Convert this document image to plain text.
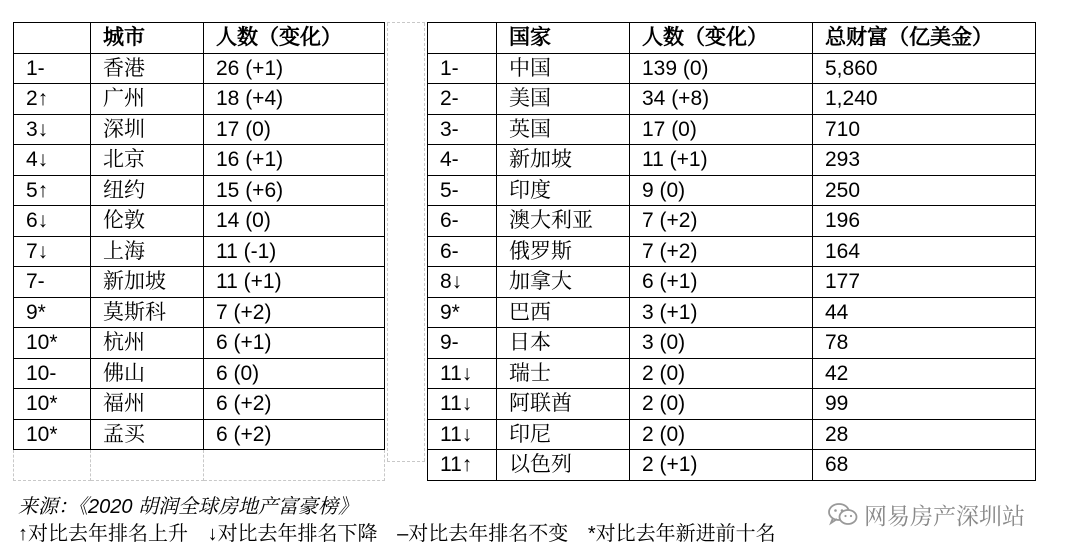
	城市	人数（变化）
1-	香港	26 (+1)
2↑	广州	18 (+4)
3↓	深圳	17 (0)
4↓	北京	16 (+1)
5↑	纽约	15 (+6)
6↓	伦敦	14 (0)
7↓	上海	11 (-1)
7-	新加坡	11 (+1)
9*	莫斯科	7 (+2)
10*	杭州	6 (+1)
10-	佛山	6 (0)
10*	福州	6 (+2)
10*	孟买	6 (+2)

	国家	人数（变化）	总财富（亿美金）
1-	中国	139 (0)	5,860
2-	美国	34 (+8)	1,240
3-	英国	17 (0)	710
4-	新加坡	11 (+1)	293
5-	印度	9 (0)	250
6-	澳大利亚	7 (+2)	196
6-	俄罗斯	7 (+2)	164
8↓	加拿大	6 (+1)	177
9*	巴西	3 (+1)	44
9-	日本	3 (0)	78
11↓	瑞士	2 (0)	42
11↓	阿联酋	2 (0)	99
11↓	印尼	2 (0)	28
11↑	以色列	2 (+1)	68
来源：《2020 胡润全球房地产富豪榜》
↑对比去年排名上升 ↓对比去年排名下降 –对比去年排名不变 *对比去年新进前十名
网易房产深圳站
